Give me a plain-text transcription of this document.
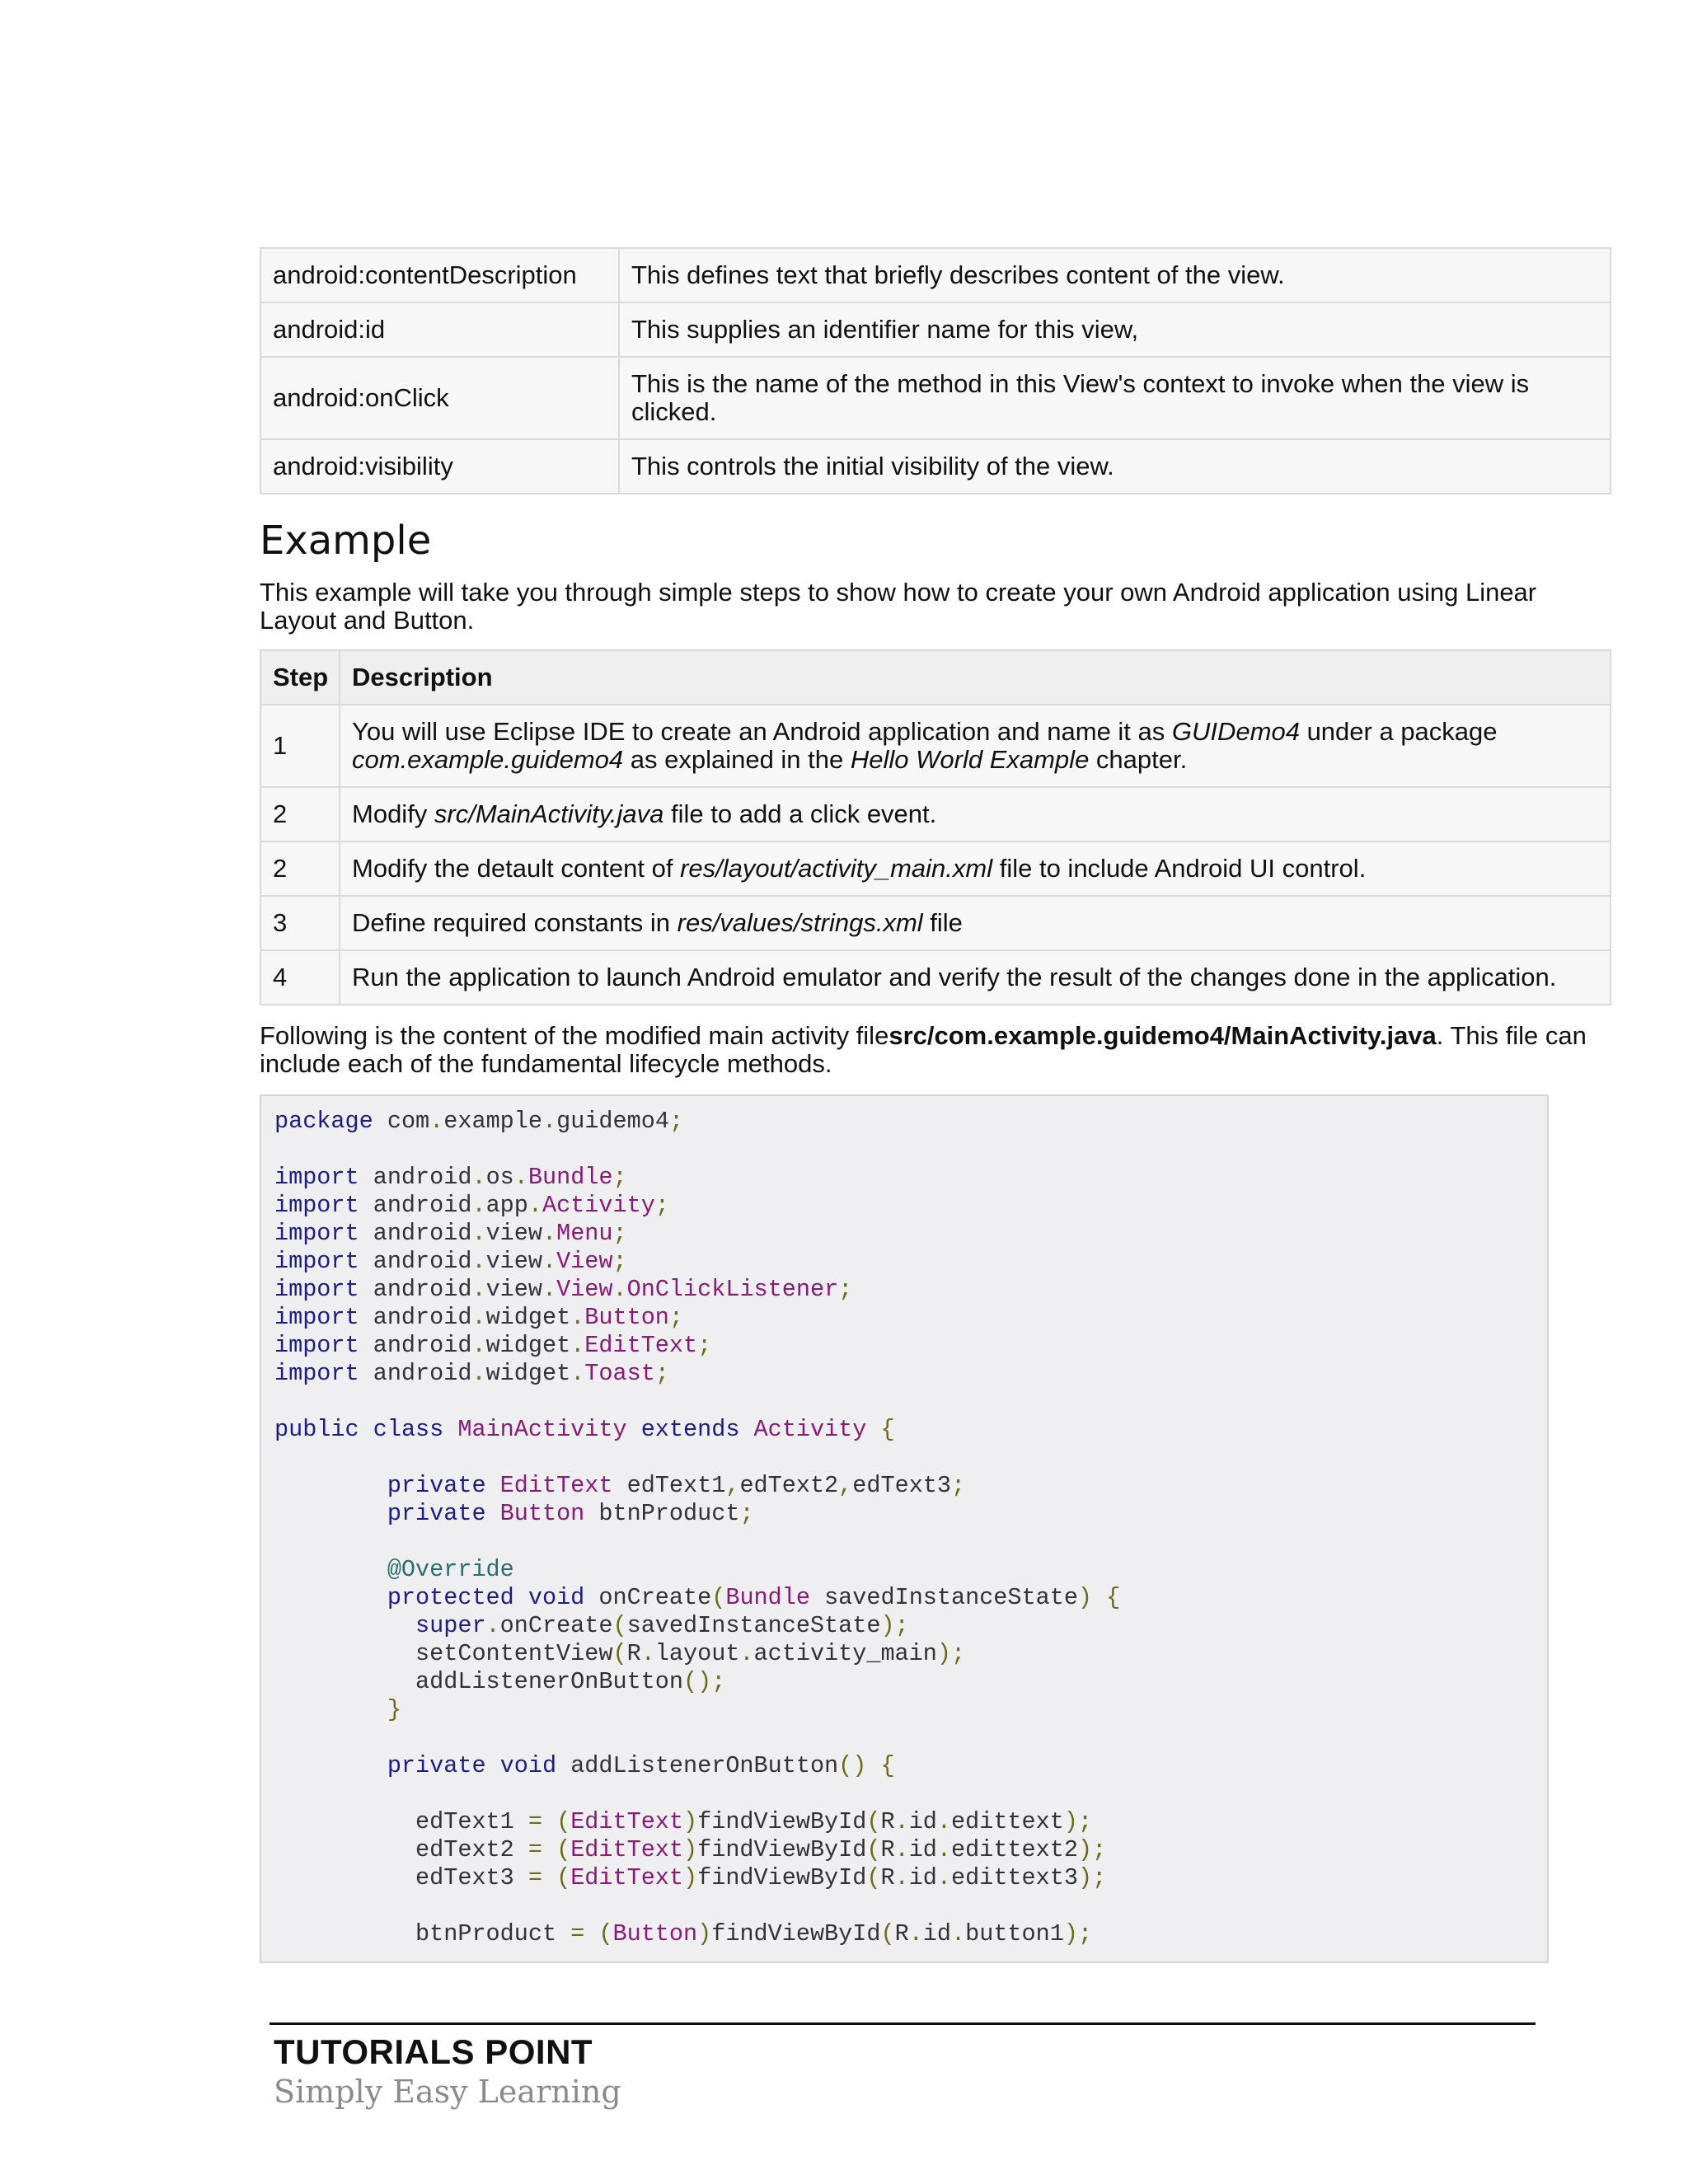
android:contentDescription	This defines text that briefly describes content of the view.
android:id	This supplies an identifier name for this view,
android:onClick	This is the name of the method in this View's context to invoke when the view is clicked.
android:visibility	This controls the initial visibility of the view.
Example

This example will take you through simple steps to show how to create your own Android application using Linear Layout and Button.

Step	Description
1	You will use Eclipse IDE to create an Android application and name it as GUIDemo4 under a package com.example.guidemo4 as explained in the Hello World Example chapter.
2	Modify src/MainActivity.java file to add a click event.
2	Modify the detault content of res/layout/activity_main.xml file to include Android UI control.
3	Define required constants in res/values/strings.xml file
4	Run the application to launch Android emulator and verify the result of the changes done in the application.

Following is the content of the modified main activity filesrc/com.example.guidemo4/MainActivity.java. This file can include each of the fundamental lifecycle methods.

package com.example.guidemo4;
import android.os.Bundle;
import android.app.Activity;
import android.view.Menu;
import android.view.View;
import android.view.View.OnClickListener;
import android.widget.Button;
import android.widget.EditText;
import android.widget.Toast;
public class MainActivity extends Activity {
private EditText edText1,edText2,edText3;
private Button btnProduct;
@Override
protected void onCreate(Bundle savedInstanceState) {
super.onCreate(savedInstanceState);
setContentView(R.layout.activity_main);
addListenerOnButton();
}
private void addListenerOnButton() {
edText1 = (EditText)findViewById(R.id.edittext);
edText2 = (EditText)findViewById(R.id.edittext2);
edText3 = (EditText)findViewById(R.id.edittext3);
btnProduct = (Button)findViewById(R.id.button1);
TUTORIALS POINT
Simply Easy Learning
